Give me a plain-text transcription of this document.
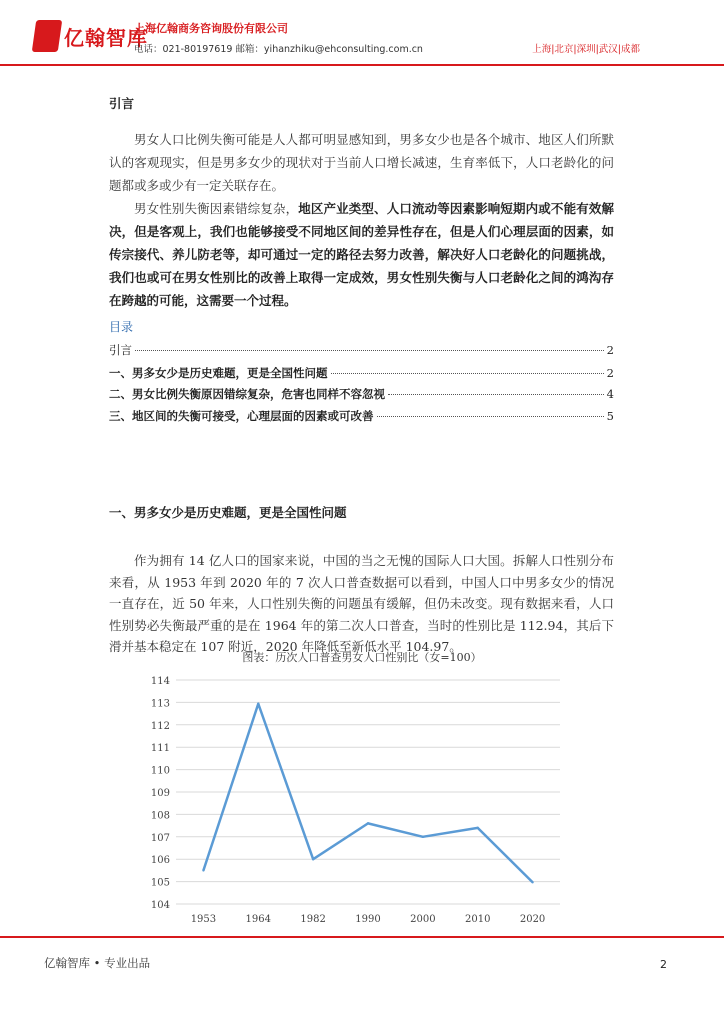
亿翰智库
上海亿翰商务咨询股份有限公司
电话：021-80197619 邮箱：yihanzhiku@ehconsulting.com.cn	上海|北京|深圳|武汉|成都
引言
男女人口比例失衡可能是人人都可明显感知到，男多女少也是各个城市、地区人们所默认的客观现实，但是男多女少的现状对于当前人口增长减速，生育率低下，人口老龄化的问题都或多或少有一定关联存在。
男女性别失衡因素错综复杂，地区产业类型、人口流动等因素影响短期内或不能有效解决，但是客观上，我们也能够接受不同地区间的差异性存在，但是人们心理层面的因素，如传宗接代、养儿防老等，却可通过一定的路径去努力改善，解决好人口老龄化的问题挑战，我们也或可在男女性别比的改善上取得一定成效，男女性别失衡与人口老龄化之间的鸿沟存在跨越的可能，这需要一个过程。
目录
引言	2
一、男多女少是历史难题，更是全国性问题	2
二、男女比例失衡原因错综复杂，危害也同样不容忽视	4
三、地区间的失衡可接受，心理层面的因素或可改善	5
一、男多女少是历史难题，更是全国性问题
作为拥有 14 亿人口的国家来说，中国的当之无愧的国际人口大国。拆解人口性别分布来看，从 1953 年到 2020 年的 7 次人口普查数据可以看到，中国人口中男多女少的情况一直存在，近 50 年来，人口性别失衡的问题虽有缓解，但仍未改变。现有数据来看，人口性别势必失衡最严重的是在 1964 年的第二次人口普查，当时的性别比是 112.94，其后下滑并基本稳定在 107 附近，2020 年降低至新低水平 104.97。
图表：历次人口普查男女人口性别比（女=100）
104
105
106
107
108
109
110
111
112
113
114
1953	1964	1982	1990	2000	2010	2020
亿翰智库 • 专业出品	2
